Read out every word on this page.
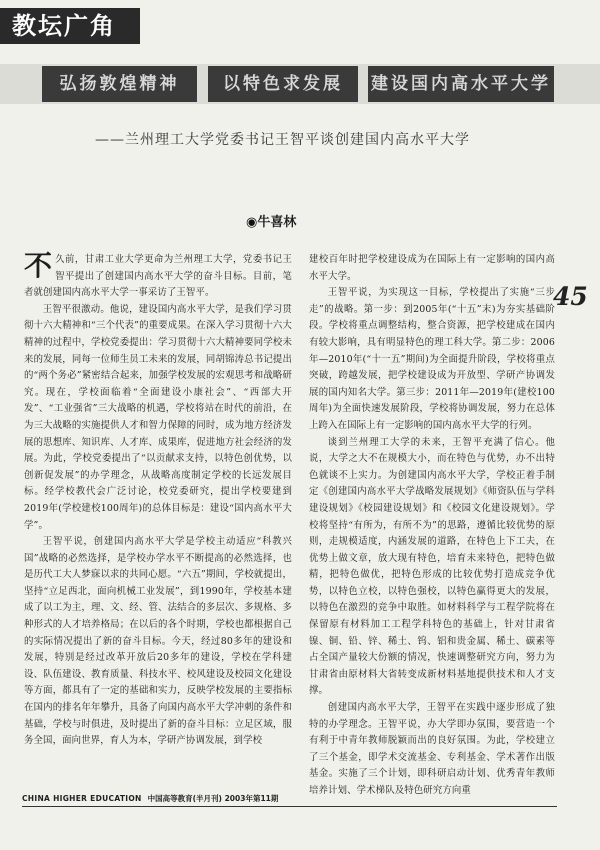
教坛广角
弘扬敦煌精神	以特色求发展	建设国内高水平大学
——兰州理工大学党委书记王智平谈创建国内高水平大学
◉牛喜林

不久前，甘肃工业大学更命为兰州理工大学，党委书记王智平提出了创建国内高水平大学的奋斗目标。目前，笔者就创建国内高水平大学一事采访了王智平。

王智平很激动。他说，建设国内高水平大学，是我们学习贯彻十六大精神和“三个代表”的重要成果。在深入学习贯彻十六大精神的过程中，学校党委提出：学习贯彻十六大精神要同学校未来的发展，同每一位师生员工未来的发展，同胡锦涛总书记提出的“两个务必”紧密结合起来，加强学校发展的宏观思考和战略研究。现在，学校面临着“全面建设小康社会”、“西部大开发”、“工业强省”三大战略的机遇，学校将站在时代的前沿，在为三大战略的实施提供人才和智力保障的同时，成为地方经济发展的思想库、知识库、人才库、成果库，促进地方社会经济的发展。为此，学校党委提出了“以贡献求支持，以特色创优势，以创新促发展”的办学理念，从战略高度制定学校的长远发展目标。经学校教代会广泛讨论，校党委研究，提出学校要建到2019年(学校建校100周年)的总体目标是：建设“国内高水平大学”。

王智平说，创建国内高水平大学是学校主动适应“科教兴国”战略的必然选择，是学校办学水平不断提高的必然选择，也是历代工大人梦寐以求的共同心愿。“六五”期间，学校就提出，坚持“立足西北，面向机械工业发展”，到1990年，学校基本建成了以工为主，理、文、经、管、法结合的多层次、多规格、多种形式的人才培养格局；在以后的各个时期，学校也都根据自己的实际情况提出了新的奋斗目标。今天，经过80多年的建设和发展，特别是经过改革开放后20多年的建设，学校在学科建设、队伍建设、教育质量、科技水平、校风建设及校园文化建设等方面，都具有了一定的基础和实力，反映学校发展的主要指标在国内的排名年年攀升，具备了向国内高水平大学冲刺的条件和基础，学校与时俱进，及时提出了新的奋斗目标：立足区域，服务全国，面向世界，育人为本，学研产协调发展，到学校

建校百年时把学校建设成为在国际上有一定影响的国内高水平大学。

王智平说，为实现这一目标，学校提出了实施“三步走”的战略。第一步：到2005年(“十五”末)为夯实基础阶段。学校将重点调整结构，整合资源，把学校建成在国内有较大影响，具有明显特色的理工科大学。第二步：2006年—2010年(“十一五”期间)为全面提升阶段，学校将重点突破，跨越发展，把学校建设成为开放型、学研产协调发展的国内知名大学。第三步：2011年—2019年(建校100周年)为全面快速发展阶段，学校将协调发展，努力在总体上跨入在国际上有一定影响的国内高水平大学的行列。

谈到兰州理工大学的未来，王智平充满了信心。他说，大学之大不在规模大小，而在特色与优势，办不出特色就谈不上实力。为创建国内高水平大学，学校正着手制定《创建国内高水平大学战略发展规划》《师资队伍与学科建设规划》《校园建设规划》和《校园文化建设规划》。学校将坚持“有所为，有所不为”的思路，遵循比较优势的原则，走规模适度，内涵发展的道路，在特色上下工夫，在优势上做文章，放大现有特色，培育未来特色，把特色做精，把特色做优，把特色形成的比较优势打造成竞争优势，以特色立校，以特色强校，以特色赢得更大的发展，以特色在激烈的竞争中取胜。如材料科学与工程学院将在保留原有材料加工工程学科特色的基础上，针对甘肃省镍、铜、铅、锌、稀土、钨、铝和贵金属、稀土、碳素等占全国产量较大份额的情况，快速调整研究方向，努力为甘肃省由原材料大省转变成新材料基地提供技术和人才支撑。

创建国内高水平大学，王智平在实践中逐步形成了独特的办学理念。王智平说，办大学即办氛围，要营造一个有利于中青年教师脱颖而出的良好氛围。为此，学校建立了三个基金，即学术交流基金、专利基金、学术著作出版基金。实施了三个计划，即科研启动计划、优秀青年教师培养计划、学术梯队及特色研究方向重

45
CHINA HIGHER EDUCATION 中国高等教育(半月刊) 2003年第11期
